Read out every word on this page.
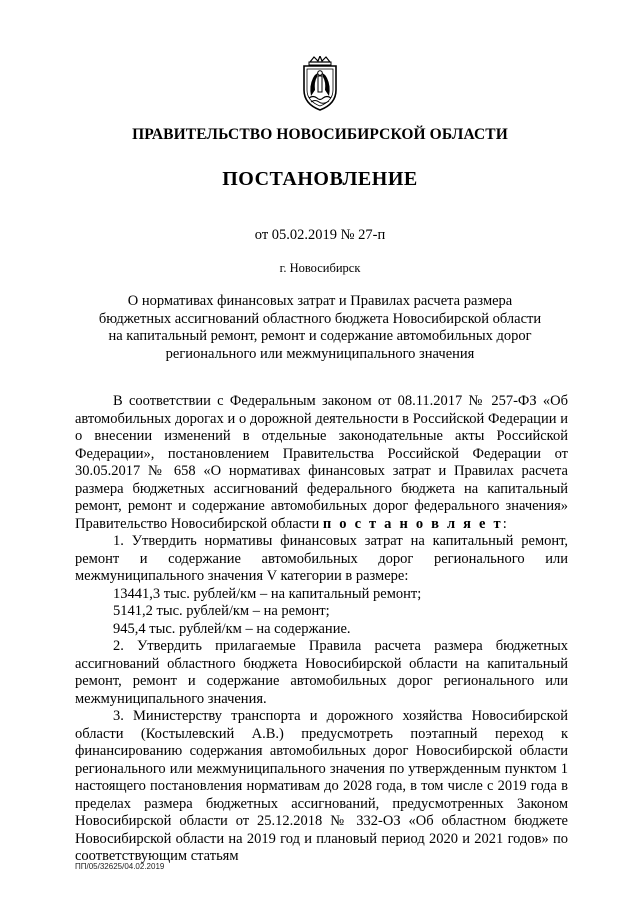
ПРАВИТЕЛЬСТВО НОВОСИБИРСКОЙ ОБЛАСТИ
ПОСТАНОВЛЕНИЕ
от 05.02.2019 № 27-п
г. Новосибирск
О нормативах финансовых затрат и Правилах расчета размера бюджетных ассигнований областного бюджета Новосибирской области на капитальный ремонт, ремонт и содержание автомобильных дорог регионального или межмуниципального значения

В соответствии с Федеральным законом от 08.11.2017 № 257-ФЗ «Об автомобильных дорогах и о дорожной деятельности в Российской Федерации и о внесении изменений в отдельные законодательные акты Российской Федерации», постановлением Правительства Российской Федерации от 30.05.2017 № 658 «О нормативах финансовых затрат и Правилах расчета размера бюджетных ассигнований федерального бюджета на капитальный ремонт, ремонт и содержание автомобильных дорог федерального значения» Правительство Новосибирской области п о с т а н о в л я е т:

1. Утвердить нормативы финансовых затрат на капитальный ремонт, ремонт и содержание автомобильных дорог регионального или межмуниципального значения V категории в размере:

13441,3 тыс. рублей/км – на капитальный ремонт;

5141,2 тыс. рублей/км – на ремонт;

945,4 тыс. рублей/км – на содержание.

2. Утвердить прилагаемые Правила расчета размера бюджетных ассигнований областного бюджета Новосибирской области на капитальный ремонт, ремонт и содержание автомобильных дорог регионального или межмуниципального значения.

3. Министерству транспорта и дорожного хозяйства Новосибирской области (Костылевский А.В.) предусмотреть поэтапный переход к финансированию содержания автомобильных дорог Новосибирской области регионального или межмуниципального значения по утвержденным пунктом 1 настоящего постановления нормативам до 2028 года, в том числе с 2019 года в пределах размера бюджетных ассигнований, предусмотренных Законом Новосибирской области от 25.12.2018 № 332-ОЗ «Об областном бюджете Новосибирской области на 2019 год и плановый период 2020 и 2021 годов» по соответствующим статьям

ПП/05/32625/04.02.2019
